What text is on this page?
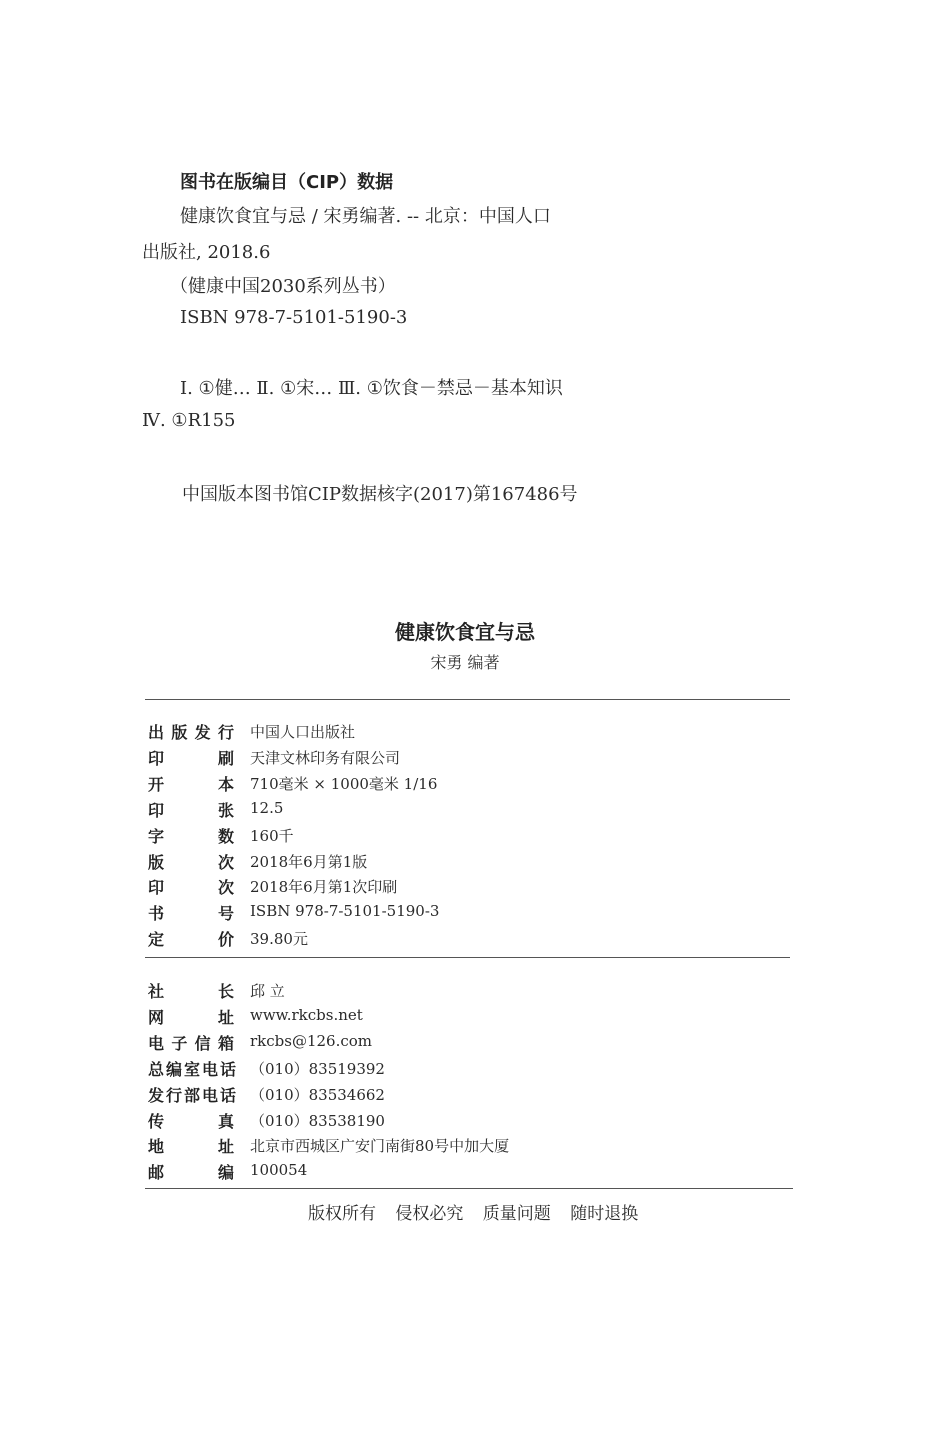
图书在版编目（CIP）数据
健康饮食宜与忌 / 宋勇编著. -- 北京：中国人口
出版社, 2018.6
（健康中国2030系列丛书）
ISBN 978-7-5101-5190-3
Ⅰ. ①健… Ⅱ. ①宋… Ⅲ. ①饮食－禁忌－基本知识
Ⅳ. ①R155
中国版本图书馆CIP数据核字(2017)第167486号
健康饮食宜与忌
宋勇 编著
出 版 发 行 中国人口出版社
印	刷 天津文林印务有限公司
开	本 710毫米 × 1000毫米 1/16
印	张 12.5
字	数 160千
版	次 2018年6月第1版
印	次 2018年6月第1次印刷
书	号 ISBN 978-7-5101-5190-3
定	价 39.80元
社	长 邱 立
网	址 www.rkcbs.net
电 子 信 箱 rkcbs@126.com
总 编 室 电 话 （010）83519392
发 行 部 电 话 （010）83534662
传	真 （010）83538190
地	址 北京市西城区广安门南街80号中加大厦
邮	编 100054
版权所有 侵权必究 质量问题 随时退换
